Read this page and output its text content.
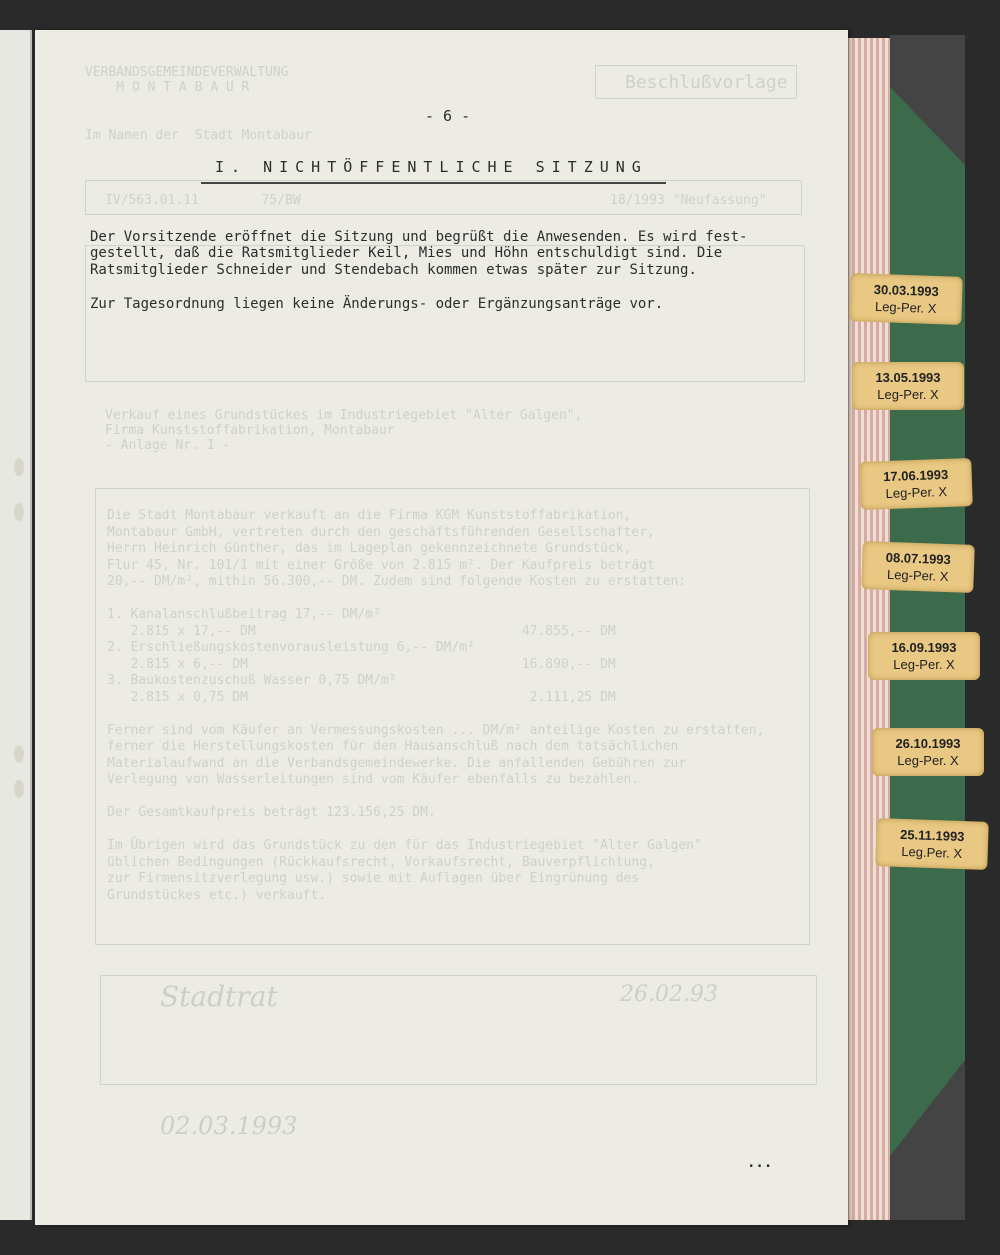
VERBANDSGEMEINDEVERWALTUNG
M O N T A B A U R	Beschlußvorlage
Im Namen der  Stadt Montabaur
IV/563.01.11        75/BW	18/1993 "Neufassung"
Verkauf eines Grundstückes im Industriegebiet "Alter Galgen",
Firma Kunststoffabrikation, Montabaur
- Anlage Nr. 1 -
Die Stadt Montabaur verkauft an die Firma KGM Kunststoffabrikation,
Montabaur GmbH, vertreten durch den geschäftsführenden Gesellschafter,
Herrn Heinrich Günther, das im Lageplan gekennzeichnete Grundstück,
Flur 45, Nr. 101/1 mit einer Größe von 2.815 m². Der Kaufpreis beträgt
20,-- DM/m², mithin 56.300,-- DM. Zudem sind folgende Kosten zu erstatten:

1. Kanalanschlußbeitrag 17,-- DM/m²
2.815 x 17,-- DM                                  47.855,-- DM
2. Erschließungskostenvorausleistung 6,-- DM/m²
2.815 x 6,-- DM                                   16.890,-- DM
3. Baukostenzuschuß Wasser 0,75 DM/m²
2.815 x 0,75 DM                                    2.111,25 DM

Ferner sind vom Käufer an Vermessungskosten ... DM/m² anteilige Kosten zu erstatten,
ferner die Herstellungskosten für den Hausanschluß nach dem tatsächlichen
Materialaufwand an die Verbandsgemeindewerke. Die anfallenden Gebühren zur
Verlegung von Wasserleitungen sind vom Käufer ebenfalls zu bezahlen.

Der Gesamtkaufpreis beträgt 123.156,25 DM.

Im Übrigen wird das Grundstück zu den für das Industriegebiet "Alter Galgen"
üblichen Bedingungen (Rückkaufsrecht, Vorkaufsrecht, Bauverpflichtung,
zur Firmensitzverlegung usw.) sowie mit Auflagen über Eingrünung des
Grundstückes etc.) verkauft.
Stadtrat	26.02.93
02.03.1993
- 6 -
I. NICHTÖFFENTLICHE SITZUNG
Der Vorsitzende eröffnet die Sitzung und begrüßt die Anwesenden. Es wird fest-
gestellt, daß die Ratsmitglieder Keil, Mies und Höhn entschuldigt sind. Die
Ratsmitglieder Schneider und Stendebach kommen etwas später zur Sitzung.
Zur Tagesordnung liegen keine Änderungs- oder Ergänzungsanträge vor.
...
30.03.1993
Leg-Per. X
13.05.1993
Leg-Per. X
17.06.1993
Leg-Per. X
08.07.1993
Leg-Per. X
16.09.1993
Leg-Per. X
26.10.1993
Leg-Per. X
25.11.1993
Leg.Per. X
